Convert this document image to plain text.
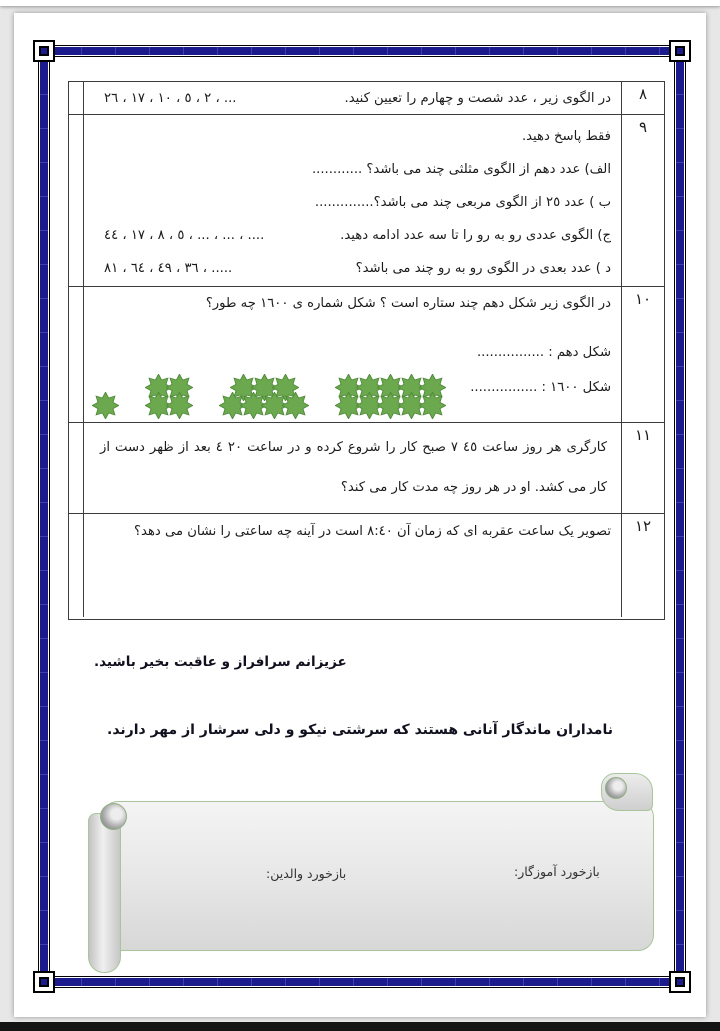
در الگوی زیر ، عدد شصت و چهارم را تعیین کنید.
٢ ، ٥ ، ١٠ ، ١٧ ، ٢٦ ، ...	٨
فقط پاسخ دهید.
الف) عدد دهم از الگوی مثلثی چند می باشد؟ ............
ب ) عدد ٢٥ از الگوی مربعی چند می باشد؟..............
ج) الگوی عددی رو به رو را تا سه عدد ادامه دهید.
٥ ، ٨ ، ١٧ ، ٤٤ ، ... ، ... ، ....
د ) عدد بعدی در الگوی رو به رو چند می باشد؟
٣٦ ، ٤٩ ، ٦٤ ، ٨١ ، .....
٩
در الگوی زیر شکل دهم چند ستاره است ؟ شکل شماره ی ١٦٠٠ چه طور؟
شکل دهم : ................
شکل ١٦٠٠ : ................
١٠
کارگری هر روز ساعت ٤٥ ٧ صبح کار را شروع کرده و در ساعت ٢٠ ٤ بعد از ظهر دست از کار می کشد. او در هر روز چه مدت کار می کند؟
١١
تصویر یک ساعت عقربه ای که زمان آن ٨:٤٠ است در آینه چه ساعتی را نشان می دهد؟	١٢
عزیزانم سرافراز و عاقبت بخیر باشید.
نامداران ماندگار آنانی هستند که سرشتی نیکو و دلی سرشار از مهر دارند.
بازخورد آموزگار:
بازخورد والدین:
